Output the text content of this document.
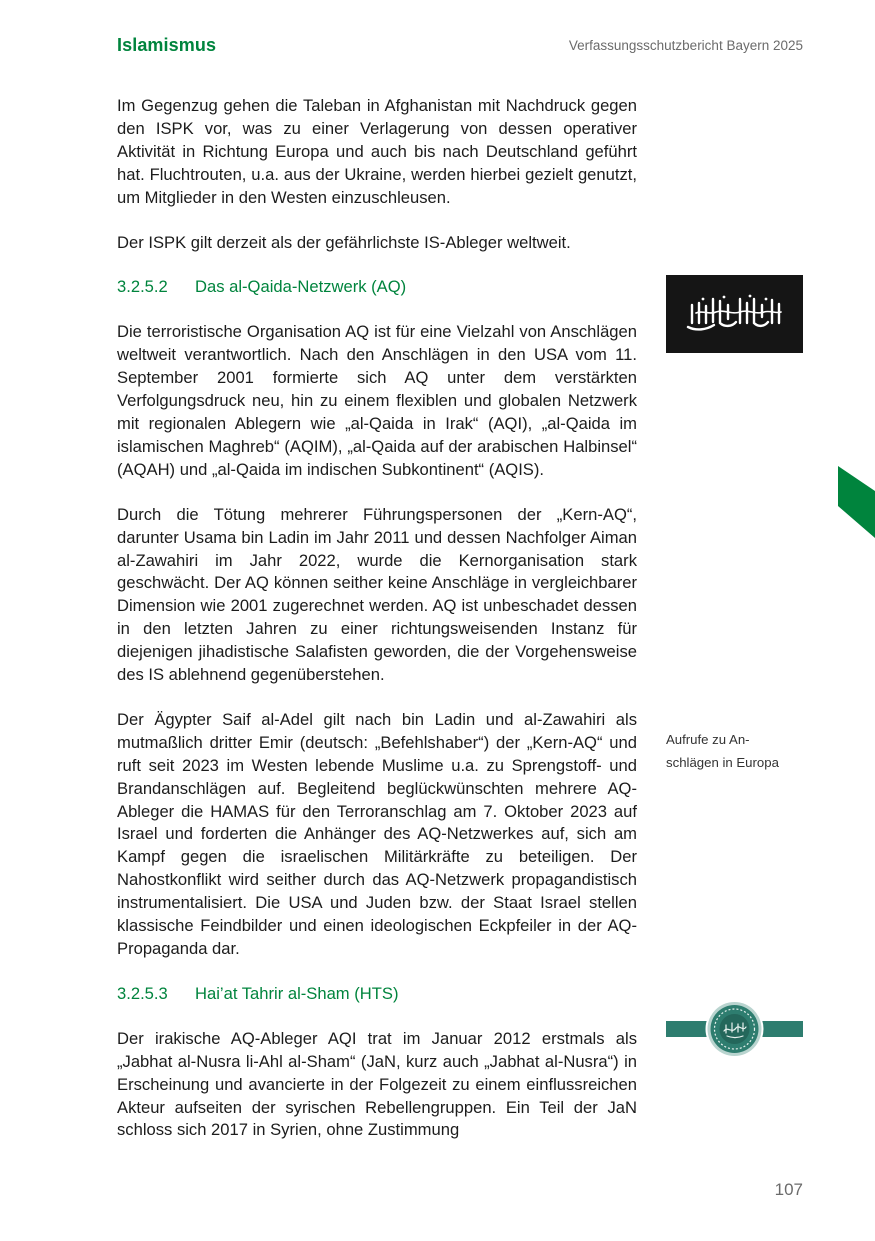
Islamismus	Verfassungsschutzbericht Bayern 2025

Im Gegenzug gehen die Taleban in Afghanistan mit Nachdruck gegen den ISPK vor, was zu einer Verlagerung von dessen operativer Aktivität in Richtung Europa und auch bis nach Deutschland geführt hat. Fluchtrouten, u.a. aus der Ukraine, werden hierbei gezielt genutzt, um Mitglieder in den Westen einzuschleusen.

Der ISPK gilt derzeit als der gefährlichste IS-Ableger weltweit.

3.2.5.2 Das al-Qaida-Netzwerk (AQ)

Die terroristische Organisation AQ ist für eine Vielzahl von Anschlägen weltweit verantwortlich. Nach den Anschlägen in den USA vom 11. September 2001 formierte sich AQ unter dem verstärkten Verfolgungsdruck neu, hin zu einem flexiblen und globalen Netzwerk mit regionalen Ablegern wie „al-Qaida in Irak“ (AQI), „al-Qaida im islamischen Maghreb“ (AQIM), „al-Qaida auf der arabischen Halbinsel“ (AQAH) und „al-Qaida im indischen Subkontinent“ (AQIS).

Durch die Tötung mehrerer Führungspersonen der „Kern-AQ“, darunter Usama bin Ladin im Jahr 2011 und dessen Nachfolger Aiman al-Zawahiri im Jahr 2022, wurde die Kernorganisation stark geschwächt. Der AQ können seither keine Anschläge in vergleichbarer Dimension wie 2001 zugerechnet werden. AQ ist unbeschadet dessen in den letzten Jahren zu einer richtungsweisenden Instanz für diejenigen jihadistische Salafisten geworden, die der Vorgehensweise des IS ablehnend gegenüberstehen.

Der Ägypter Saif al-Adel gilt nach bin Ladin und al-Zawahiri als mutmaßlich dritter Emir (deutsch: „Befehlshaber“) der „Kern-AQ“ und ruft seit 2023 im Westen lebende Muslime u.a. zu Sprengstoff- und Brandanschlägen auf. Begleitend beglückwünschten mehrere AQ-Ableger die HAMAS für den Terroranschlag am 7. Oktober 2023 auf Israel und forderten die Anhänger des AQ-Netzwerkes auf, sich am Kampf gegen die israelischen Militärkräfte zu beteiligen. Der Nahostkonflikt wird seither durch das AQ-Netzwerk propagandistisch instrumentalisiert. Die USA und Juden bzw. der Staat Israel stellen klassische Feindbilder und einen ideologischen Eckpfeiler in der AQ-Propaganda dar.

3.2.5.3 Hai’at Tahrir al-Sham (HTS)

Der irakische AQ-Ableger AQI trat im Januar 2012 erstmals als „Jabhat al-Nusra li-Ahl al-Sham“ (JaN, kurz auch „Jabhat al-Nusra“) in Erscheinung und avancierte in der Folgezeit zu einem einflussreichen Akteur aufseiten der syrischen Rebellengruppen. Ein Teil der JaN schloss sich 2017 in Syrien, ohne Zustimmung

Aufrufe zu An-
schlägen in Europa
107
